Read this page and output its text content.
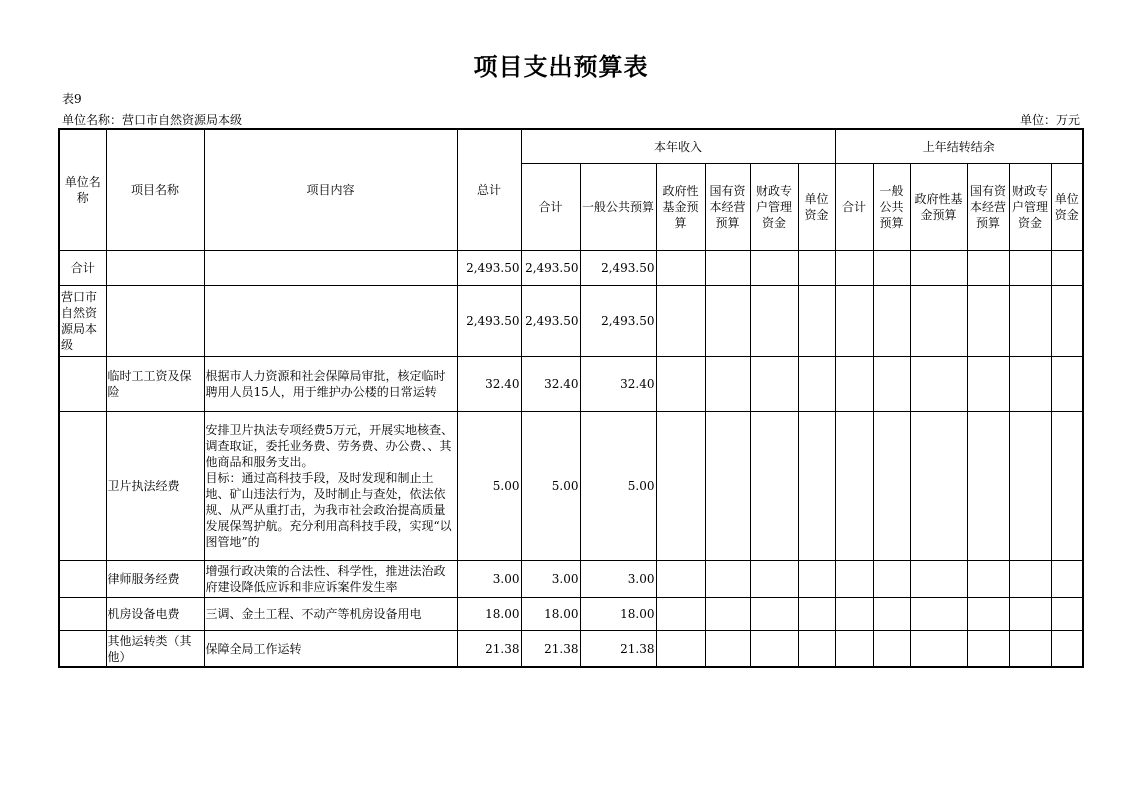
项目支出预算表
表9
单位名称：营口市自然资源局本级	单位：万元
单位名称	项目名称	项目内容	总计	本年收入						上年结转结余					
				合计	一般公共预算	政府性基金预算	国有资本经营预算	财政专户管理资金	单位资金	合计	一般公共预算	政府性基金预算	国有资本经营预算	财政专户管理资金	单位资金
合计			2,493.50	2,493.50	2,493.50										
营口市自然资源局本级			2,493.50	2,493.50	2,493.50										
	临时工工资及保险	根据市人力资源和社会保障局审批，核定临时聘用人员15人，用于维护办公楼的日常运转	32.40	32.40	32.40										
	卫片执法经费	安排卫片执法专项经费5万元，开展实地核查、调查取证，委托业务费、劳务费、办公费、、其他商品和服务支出。
目标：通过高科技手段，及时发现和制止土地、矿山违法行为，及时制止与查处，依法依规、从严从重打击，为我市社会政治提高质量发展保驾护航。充分利用高科技手段，实现“以图管地”的	5.00	5.00	5.00										
	律师服务经费	增强行政决策的合法性、科学性，推进法治政府建设降低应诉和非应诉案件发生率	3.00	3.00	3.00										
	机房设备电费	三调、金土工程、不动产等机房设备用电	18.00	18.00	18.00										
	其他运转类（其他）	保障全局工作运转	21.38	21.38	21.38										
